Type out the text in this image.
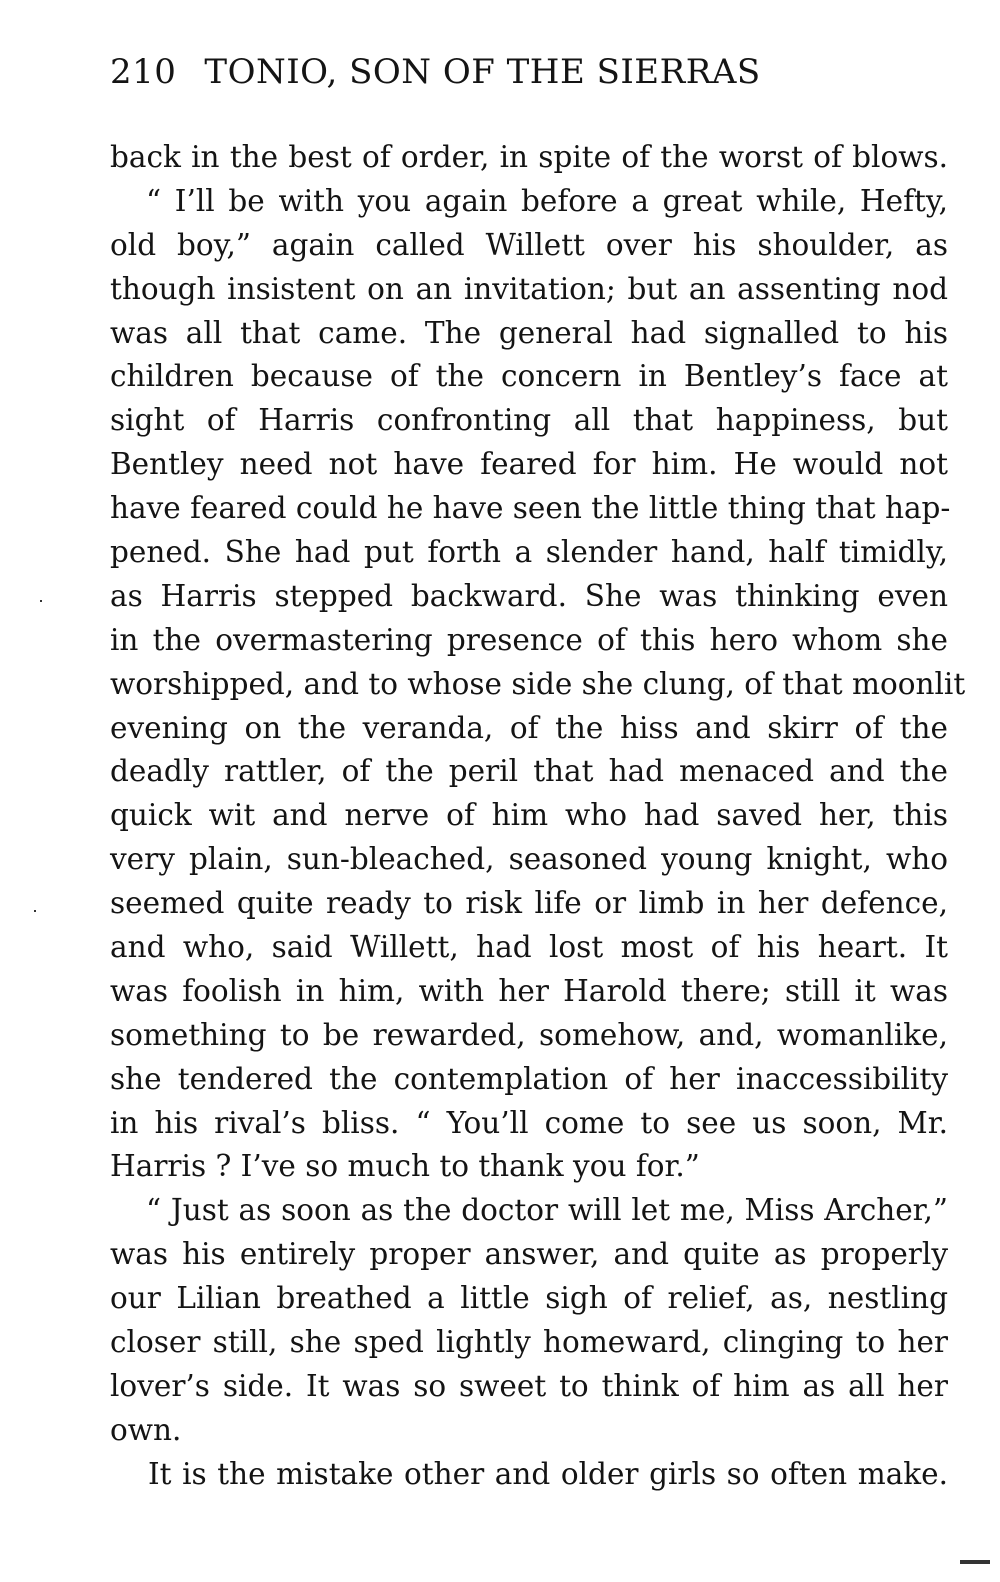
210 TONIO, SON OF THE SIERRAS
back in the best of order, in spite of the worst of blows.
“ I’ll be with you again before a great while, Hefty,
old boy,” again called Willett over his shoulder, as
though insistent on an invitation; but an assenting nod
was all that came. The general had signalled to his
children because of the concern in Bentley’s face at
sight of Harris confronting all that happiness, but
Bentley need not have feared for him. He would not
have feared could he have seen the little thing that hap-
pened. She had put forth a slender hand, half timidly,
as Harris stepped backward. She was thinking even
in the overmastering presence of this hero whom she
worshipped, and to whose side she clung, of that moonlit
evening on the veranda, of the hiss and skirr of the
deadly rattler, of the peril that had menaced and the
quick wit and nerve of him who had saved her, this
very plain, sun-bleached, seasoned young knight, who
seemed quite ready to risk life or limb in her defence,
and who, said Willett, had lost most of his heart. It
was foolish in him, with her Harold there; still it was
something to be rewarded, somehow, and, womanlike,
she tendered the contemplation of her inaccessibility
in his rival’s bliss. “ You’ll come to see us soon, Mr.
Harris ? I’ve so much to thank you for.”
“ Just as soon as the doctor will let me, Miss Archer,”
was his entirely proper answer, and quite as properly
our Lilian breathed a little sigh of relief, as, nestling
closer still, she sped lightly homeward, clinging to her
lover’s side. It was so sweet to think of him as all her
own.
It is the mistake other and older girls so often make.
